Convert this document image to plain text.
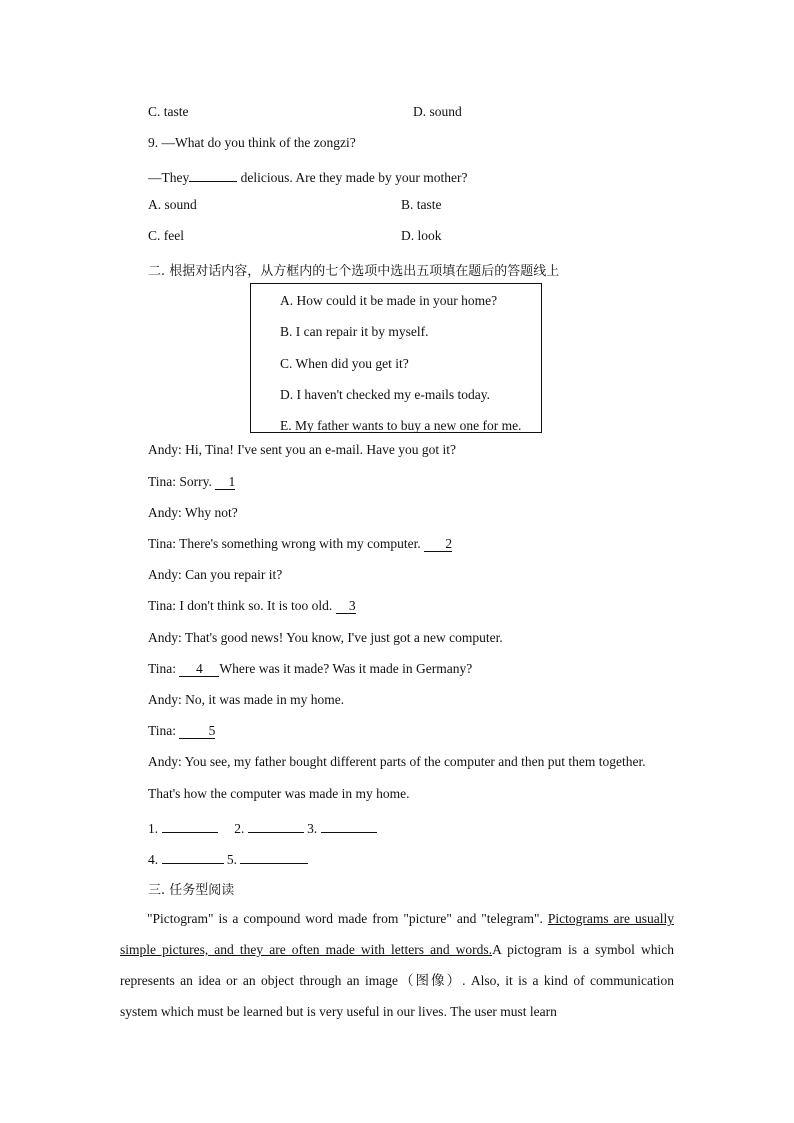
C. taste	D. sound
9. —What do you think of the zongzi?
—They	delicious. Are they made by your mother?
A. sound	B. taste
C. feel	D. look
二. 根据对话内容，从方框内的七个选项中选出五项填在题后的答题线上
A. How could it be made in your home?
B. I can repair it by myself.
C. When did you get it?
D. I haven't checked my e-mails today.
E. My father wants to buy a new one for me.
Andy: Hi, Tina! I've sent you an e-mail. Have you got it?
Tina: Sorry. 1
Andy: Why not?
Tina: There's something wrong with my computer. 2
Andy: Can you repair it?
Tina: I don't think so. It is too old. 3
Andy: That's good news! You know, I've just got a new computer.
Tina: 4 Where was it made? Was it made in Germany?
Andy: No, it was made in my home.
Tina: 5
Andy: You see, my father bought different parts of the computer and then put them together.
That's how the computer was made in my home.
1.	2.	3.
4.	5.
三. 任务型阅读
"Pictogram" is a compound word made from "picture" and "telegram". Pictograms are usually simple pictures, and they are often made with letters and words.A pictogram is a symbol which represents an idea or an object through an image（图像）. Also, it is a kind of communication system which must be learned but is very useful in our lives. The user must learn
